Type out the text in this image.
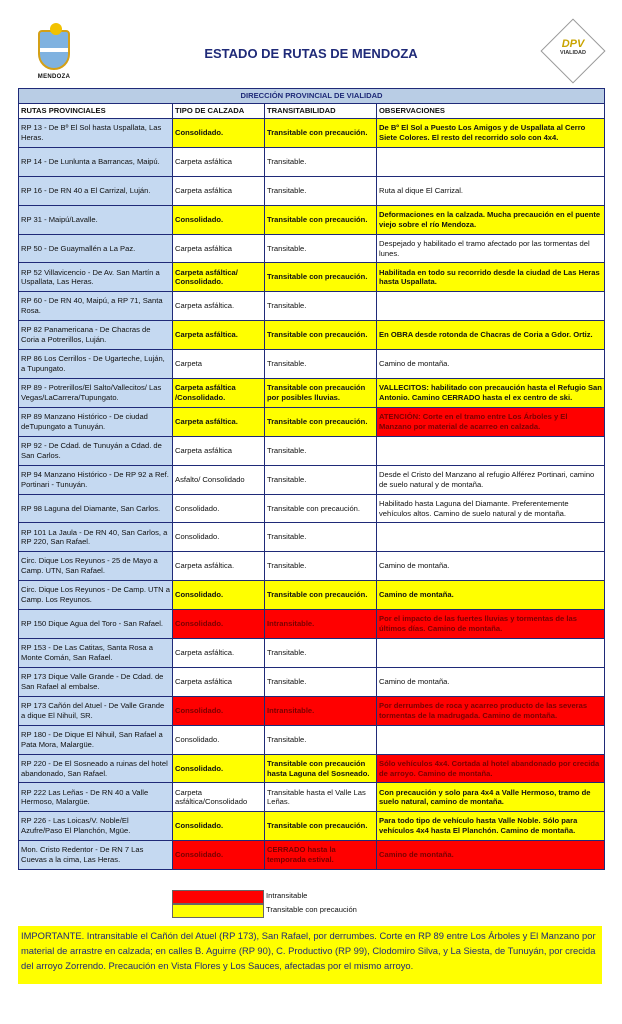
MENDOZA
ESTADO DE RUTAS DE MENDOZA
DPV
VIALIDAD
DIRECCIÓN PROVINCIAL DE VIALIDAD			
RUTAS PROVINCIALES	TIPO DE CALZADA	TRANSITABILIDAD	OBSERVACIONES
RP 13 - De Bº El Sol hasta Uspallata, Las Heras.	Consolidado.	Transitable con precaución.	De Bº El Sol a Puesto Los Amigos y de Uspallata al Cerro Siete Colores. El resto del recorrido solo con 4x4.
RP 14 - De Lunlunta a Barrancas, Maipú.	Carpeta asfáltica	Transitable.	
RP 16 - De RN 40 a El Carrizal, Luján.	Carpeta asfáltica	Transitable.	Ruta al dique El Carrizal.
RP 31 - Maipú/Lavalle.	Consolidado.	Transitable con precaución.	Deformaciones en la calzada. Mucha precaución en el puente viejo sobre el río Mendoza.
RP 50 - De Guaymallén a La Paz.	Carpeta asfáltica	Transitable.	Despejado y habilitado el tramo afectado por las tormentas del lunes.
RP 52 Villavicencio - De Av. San Martín a Uspallata, Las Heras.	Carpeta asfáltica/ Consolidado.	Transitable con precaución.	Habilitada en todo su recorrido desde la ciudad de Las Heras hasta Uspallata.
RP 60 - De RN 40, Maipú, a RP 71, Santa Rosa.	Carpeta asfáltica.	Transitable.	
RP 82 Panamericana - De Chacras de Coria a Potrerillos, Luján.	Carpeta asfáltica.	Transitable con precaución.	En OBRA desde rotonda de Chacras de Coria a Gdor. Ortiz.
RP 86 Los Cerrillos - De Ugarteche, Luján, a Tupungato.	Carpeta	Transitable.	Camino de montaña.
RP 89 - Potrerillos/El Salto/Vallecitos/ Las Vegas/LaCarrera/Tupungato.	Carpeta asfáltica /Consolidado.	Transitable con precaución por posibles lluvias.	VALLECITOS: habilitado con precaución hasta el Refugio San Antonio. Camino CERRADO hasta el ex centro de ski.
RP 89 Manzano Histórico - De ciudad deTupungato a Tunuyán.	Carpeta asfáltica.	Transitable con precaución.	ATENCIÓN: Corte en el tramo entre Los Árboles y El Manzano por material de acarreo en calzada.
RP 92 - De Cdad. de Tunuyán a Cdad. de San Carlos.	Carpeta asfáltica	Transitable.	
RP 94 Manzano Histórico - De RP 92 a Ref. Portinari - Tunuyán.	Asfalto/ Consolidado	Transitable.	Desde el Cristo del Manzano al refugio Alférez Portinari, camino de suelo natural y de montaña.
RP 98 Laguna del Diamante, San Carlos.	Consolidado.	Transitable con precaución.	Habilitado hasta Laguna del Diamante. Preferentemente vehículos altos. Camino de suelo natural y de montaña.
RP 101 La Jaula - De RN 40, San Carlos, a RP 220, San Rafael.	Consolidado.	Transitable.	
Circ. Dique Los Reyunos - 25 de Mayo a Camp. UTN, San Rafael.	Carpeta asfáltica.	Transitable.	Camino de montaña.
Circ. Dique Los Reyunos - De Camp. UTN a Camp. Los Reyunos.	Consolidado.	Transitable con precaución.	Camino de montaña.
RP 150 Dique Agua del Toro - San Rafael.	Consolidado.	Intransitable.	Por el impacto de las fuertes lluvias y tormentas de las últimos días. Camino de montaña.
RP 153 - De Las Catitas, Santa Rosa a Monte Comán, San Rafael.	Carpeta asfáltica.	Transitable.	
RP 173 Dique Valle Grande - De Cdad. de San Rafael al embalse.	Carpeta asfáltica	Transitable.	Camino de montaña.
RP 173 Cañón del Atuel - De Valle Grande a dique El Nihuil, SR.	Consolidado.	Intransitable.	Por derrumbes de roca y acarreo producto de las severas tormentas de la madrugada. Camino de montaña.
RP 180 - De Dique El Nihuil, San Rafael a Pata Mora, Malargüe.	Consolidado.	Transitable.	
RP 220 - De El Sosneado a ruinas del hotel abandonado, San Rafael.	Consolidado.	Transitable con precaución hasta Laguna del Sosneado.	Sólo vehículos 4x4. Cortada al hotel abandonado por crecida de arroyo. Camino de montaña.
RP 222 Las Leñas - De RN 40 a Valle Hermoso, Malargüe.	Carpeta asfáltica/Consolidado	Transitable hasta el Valle Las Leñas.	Con precaución y solo para 4x4 a Valle Hermoso, tramo de suelo natural, camino de montaña.
RP 226 - Las Loicas/V. Noble/El Azufre/Paso El Planchón, Mgüe.	Consolidado.	Transitable con precaución.	Para todo tipo de vehículo hasta Valle Noble. Sólo para vehículos 4x4 hasta El Planchón. Camino de montaña.
Mon. Cristo Redentor - De RN 7 Las Cuevas a la cima, Las Heras.	Consolidado.	CERRADO hasta la temporada estival.	Camino de montaña.
Intransitable
Transitable con precaución
IMPORTANTE. Intransitable el Cañón del Atuel (RP 173), San Rafael, por derrumbes. Corte en RP 89 entre Los Árboles y El Manzano por material de arrastre en calzada; en calles B. Aguirre (RP 90), C. Productivo (RP 99), Clodomiro Silva, y La Siesta, de Tunuyán, por crecida del arroyo Zorrendo. Precaución en Vista Flores y Los Sauces, afectadas por el mismo arroyo.
